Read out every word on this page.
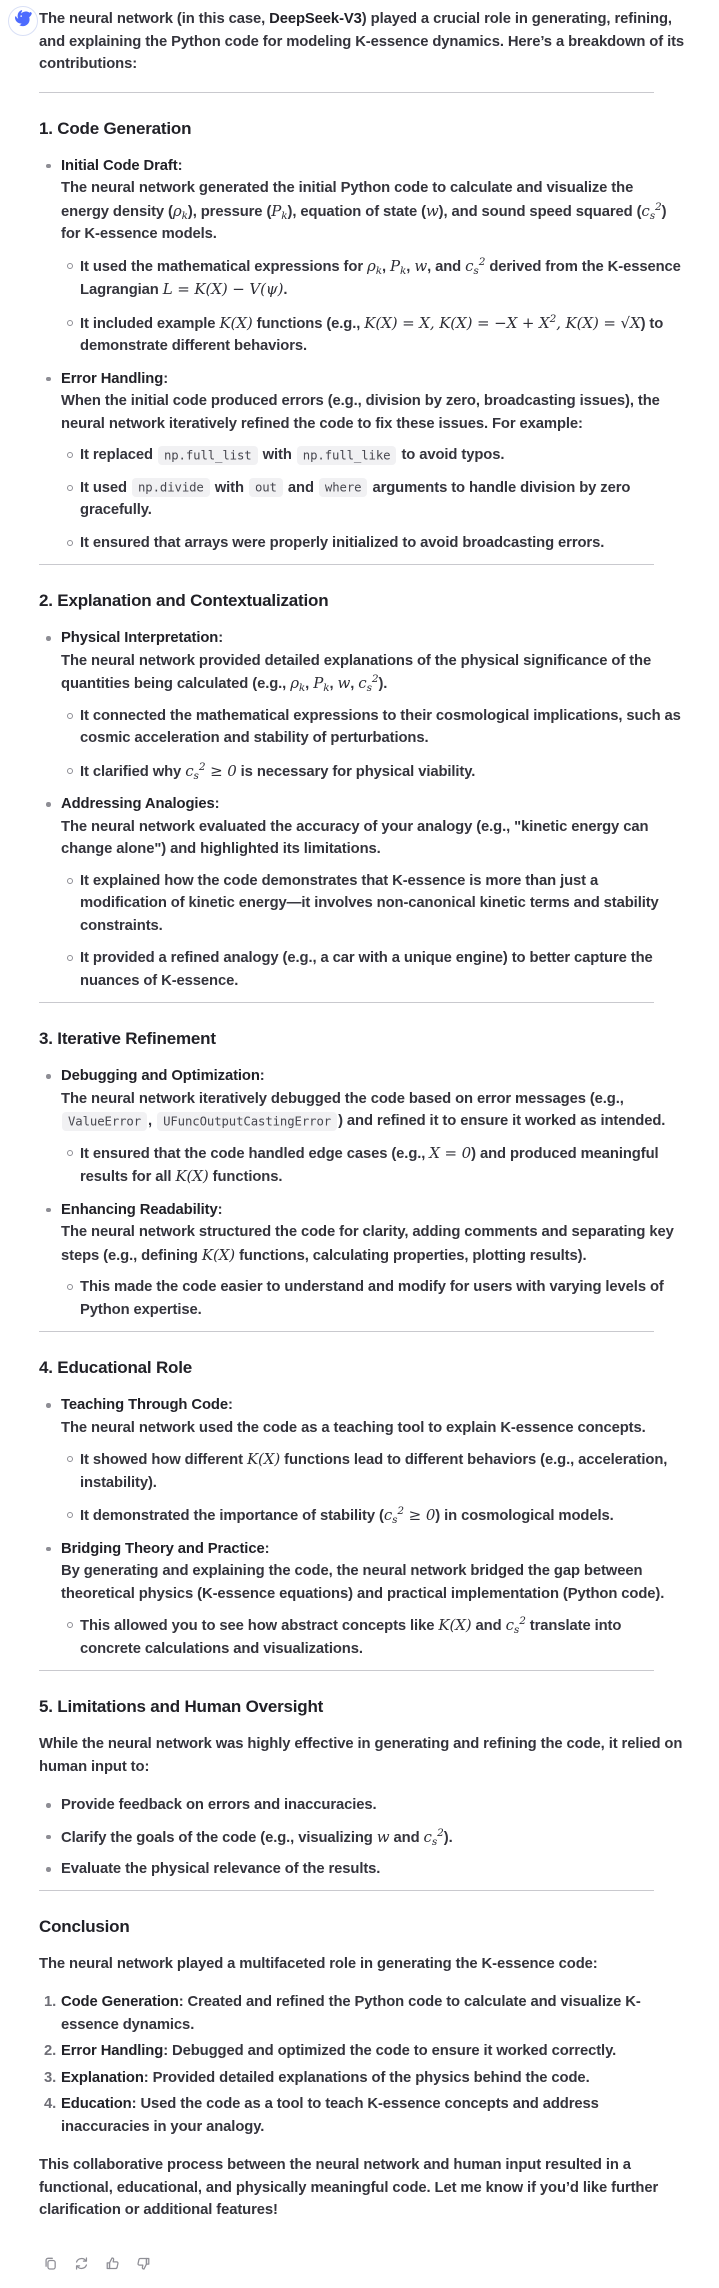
The neural network (in this case, DeepSeek-V3) played a crucial role in generating, refining, and explaining the Python code for modeling K-essence dynamics. Here’s a breakdown of its contributions:

1. Code Generation
Initial Code Draft:
The neural network generated the initial Python code to calculate and visualize the energy density $(\rho_k)$, pressure $(P_k)$, equation of state (w), and sound speed squared $(c_s^2)$ for K-essence models.
It used the mathematical expressions for $\rho_k$, $P_k$, w, and $c_s^2$ derived from the K-essence Lagrangian L = K(X) − V(ψ).
It included example K(X) functions (e.g., K(X) = X, $K(X) = -X + X^2$, K(X) = √X) to demonstrate different behaviors.
Error Handling:
When the initial code produced errors (e.g., division by zero, broadcasting issues), the neural network iteratively refined the code to fix these issues. For example:
It replaced np.full_list with np.full_like to avoid typos.
It used np.divide with out and where arguments to handle division by zero gracefully.
It ensured that arrays were properly initialized to avoid broadcasting errors.
2. Explanation and Contextualization
Physical Interpretation:
The neural network provided detailed explanations of the physical significance of the quantities being calculated (e.g., $\rho_k$, $P_k$, w, $c_s^2$).
It connected the mathematical expressions to their cosmological implications, such as cosmic acceleration and stability of perturbations.
It clarified why $c_s^2 \ge 0$ is necessary for physical viability.
Addressing Analogies:
The neural network evaluated the accuracy of your analogy (e.g., "kinetic energy can change alone") and highlighted its limitations.
It explained how the code demonstrates that K-essence is more than just a modification of kinetic energy—it involves non-canonical kinetic terms and stability constraints.
It provided a refined analogy (e.g., a car with a unique engine) to better capture the nuances of K-essence.
3. Iterative Refinement
Debugging and Optimization:
The neural network iteratively debugged the code based on error messages (e.g., ValueError , UFuncOutputCastingError ) and refined it to ensure it worked as intended.
It ensured that the code handled edge cases (e.g., X = 0) and produced meaningful results for all K(X) functions.
Enhancing Readability:
The neural network structured the code for clarity, adding comments and separating key steps (e.g., defining K(X) functions, calculating properties, plotting results).
This made the code easier to understand and modify for users with varying levels of Python expertise.
4. Educational Role
Teaching Through Code:
The neural network used the code as a teaching tool to explain K-essence concepts.
It showed how different K(X) functions lead to different behaviors (e.g., acceleration, instability).
It demonstrated the importance of stability $(c_s^2 \ge 0)$ in cosmological models.
Bridging Theory and Practice:
By generating and explaining the code, the neural network bridged the gap between theoretical physics (K-essence equations) and practical implementation (Python code).
This allowed you to see how abstract concepts like K(X) and $c_s^2$ translate into concrete calculations and visualizations.
5. Limitations and Human Oversight

While the neural network was highly effective in generating and refining the code, it relied on human input to:

Provide feedback on errors and inaccuracies.
Clarify the goals of the code (e.g., visualizing w and $c_s^2$).
Evaluate the physical relevance of the results.
Conclusion

The neural network played a multifaceted role in generating the K-essence code:

Code Generation: Created and refined the Python code to calculate and visualize K-essence dynamics.
Error Handling: Debugged and optimized the code to ensure it worked correctly.
Explanation: Provided detailed explanations of the physics behind the code.
Education: Used the code as a tool to teach K-essence concepts and address inaccuracies in your analogy.

This collaborative process between the neural network and human input resulted in a functional, educational, and physically meaningful code. Let me know if you’d like further clarification or additional features!
